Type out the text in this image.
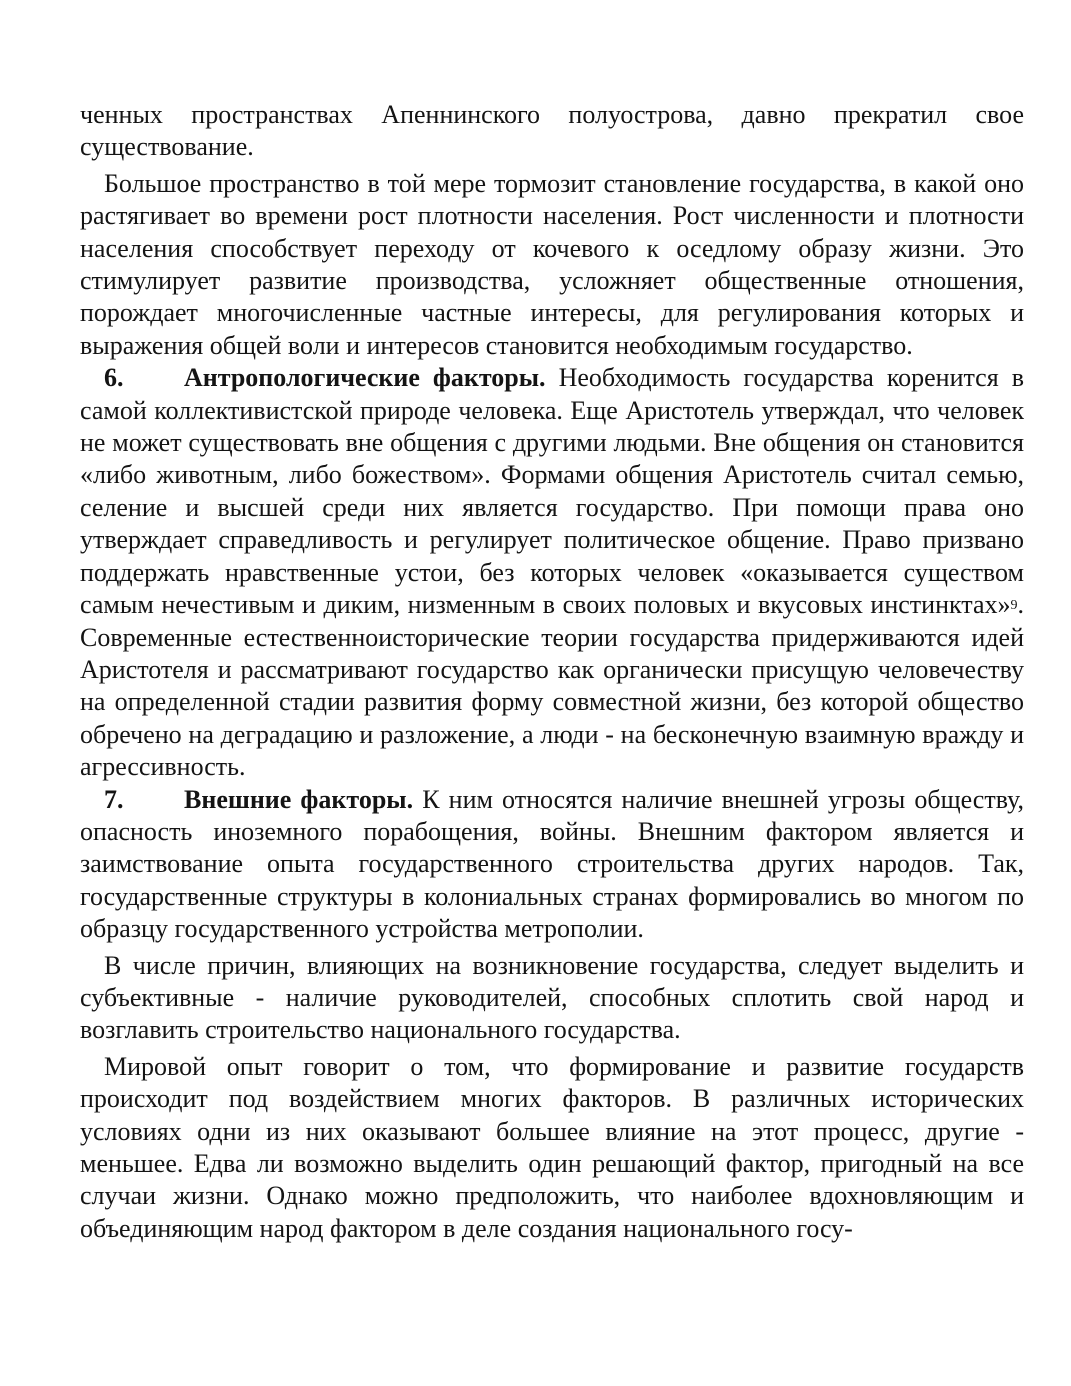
ченных пространствах Апеннинского полуострова, давно прекратил свое существование.

Большое пространство в той мере тормозит становление государства, в какой оно растягивает во времени рост плотности населения. Рост численности и плотности населения способствует переходу от кочевого к оседлому образу жизни. Это стимулирует развитие производства, усложняет общественные отношения, порождает многочисленные частные интересы, для регулирования которых и выражения общей воли и интересов становится необходимым государство.

6. Антропологические факторы. Необходимость государства коренится в самой коллективистской природе человека. Еще Аристотель утверждал, что человек не может существовать вне общения с другими людьми. Вне общения он становится «либо животным, либо божеством». Формами общения Аристотель считал семью, селение и высшей среди них является государство. При помощи права оно утверждает справедливость и регулирует политическое общение. Право призвано поддержать нравственные устои, без которых человек «оказывается существом самым нечестивым и диким, низменным в своих половых и вкусовых инстинктах»$^9$. Современные естественноисторические теории государства придерживаются идей Аристотеля и рассматривают государство как органически присущую человечеству на определенной стадии развития форму совместной жизни, без которой общество обречено на деградацию и разложение, а люди - на бесконечную взаимную вражду и агрессивность.

7. Внешние факторы. К ним относятся наличие внешней угрозы обществу, опасность иноземного порабощения, войны. Внешним фактором является и заимствование опыта государственного строительства других народов. Так, государственные структуры в колониальных странах формировались во многом по образцу государственного устройства метрополии.

В числе причин, влияющих на возникновение государства, следует выделить и субъективные - наличие руководителей, способных сплотить свой народ и возглавить строительство национального государства.

Мировой опыт говорит о том, что формирование и развитие государств происходит под воздействием многих факторов. В различных исторических условиях одни из них оказывают большее влияние на этот процесс, другие - меньшее. Едва ли возможно выделить один решающий фактор, пригодный на все случаи жизни. Однако можно предположить, что наиболее вдохновляющим и объединяющим народ фактором в деле создания национального госу-
